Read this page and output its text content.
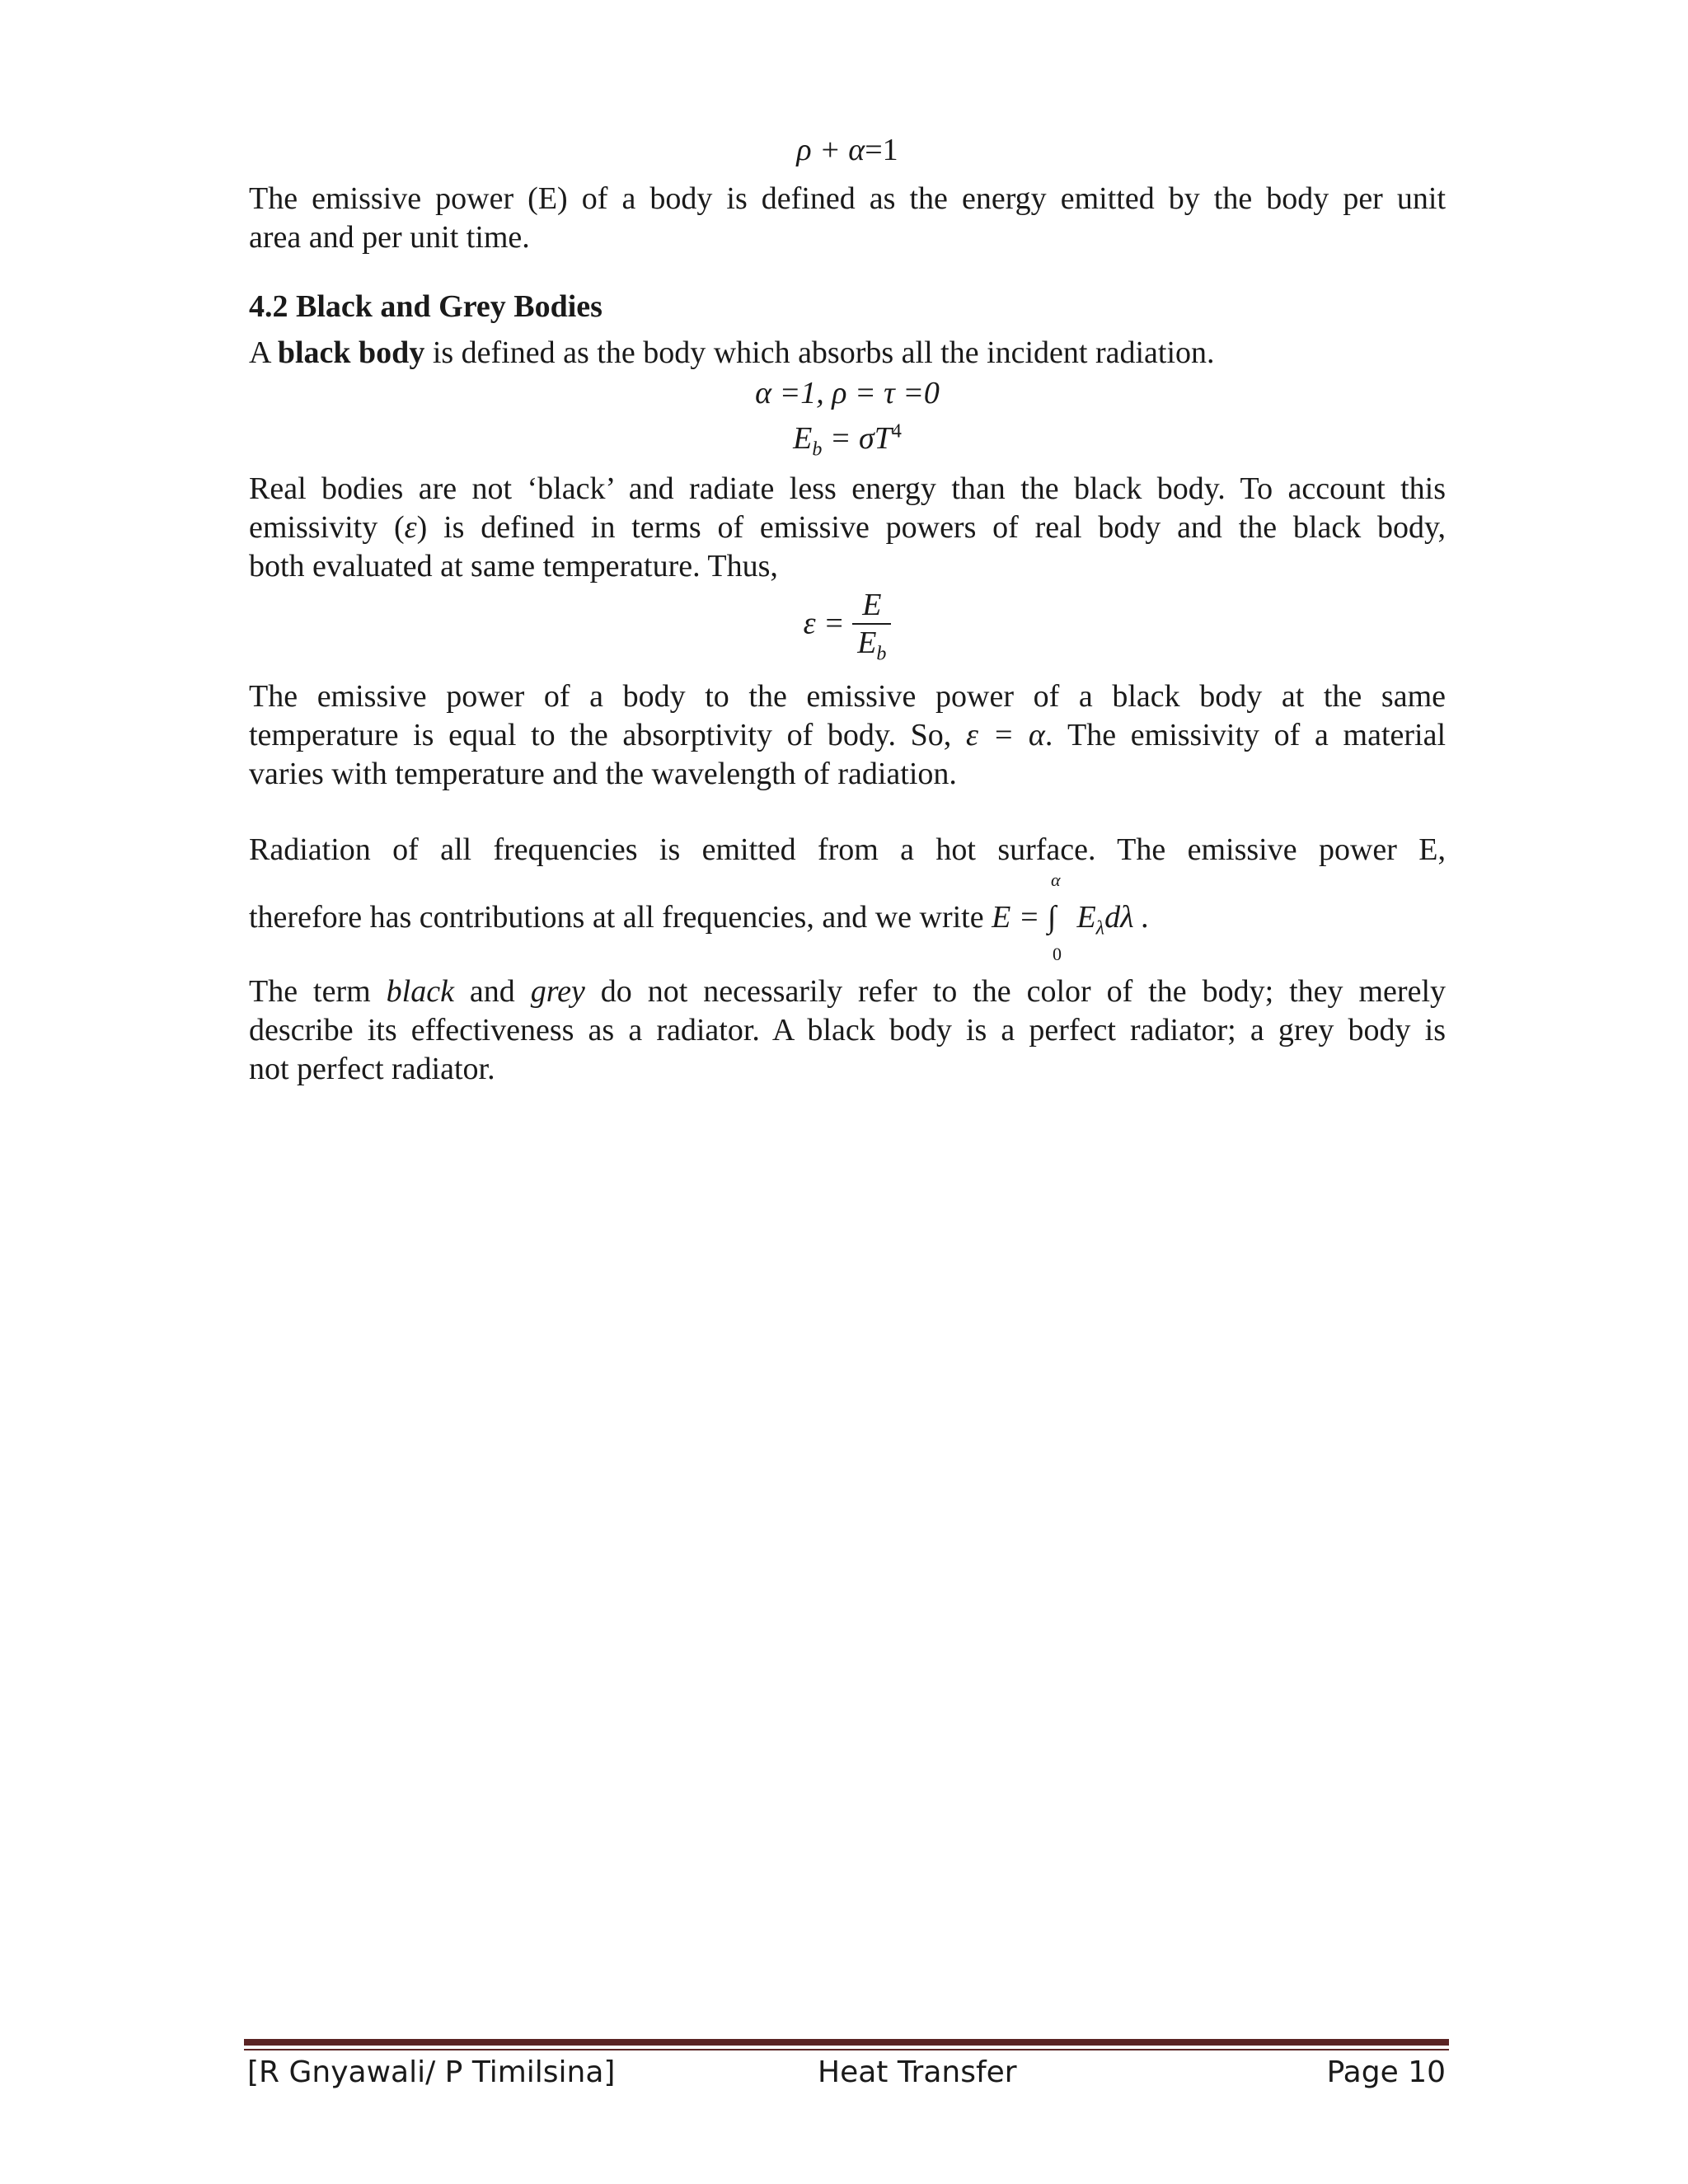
ρ + α=1
The emissive power (E) of a body is defined as the energy emitted by the body per unit
area and per unit time.
4.2 Black and Grey Bodies
A black body is defined as the body which absorbs all the incident radiation.
α =1, ρ = τ =0
$E_b = \sigma T^4$
Real bodies are not ‘black’ and radiate less energy than the black body. To account this
emissivity (ε) is defined in terms of emissive powers of real body and the black body,
both evaluated at same temperature. Thus,
$\varepsilon = \frac{E}{E_b}$
The emissive power of a body to the emissive power of a black body at the same
temperature is equal to the absorptivity of body. So, ε = α. The emissivity of a material
varies with temperature and the wavelength of radiation.
Radiation of all frequencies is emitted from a hot surface. The emissive power E,
therefore has contributions at all frequencies, and we write E =
α
∫
0
$E_\lambda d\lambda$ .
The term black and grey do not necessarily refer to the color of the body; they merely
describe its effectiveness as a radiator. A black body is a perfect radiator; a grey body is
not perfect radiator.
[R Gnyawali/ P Timilsina]	Heat Transfer	Page 10
